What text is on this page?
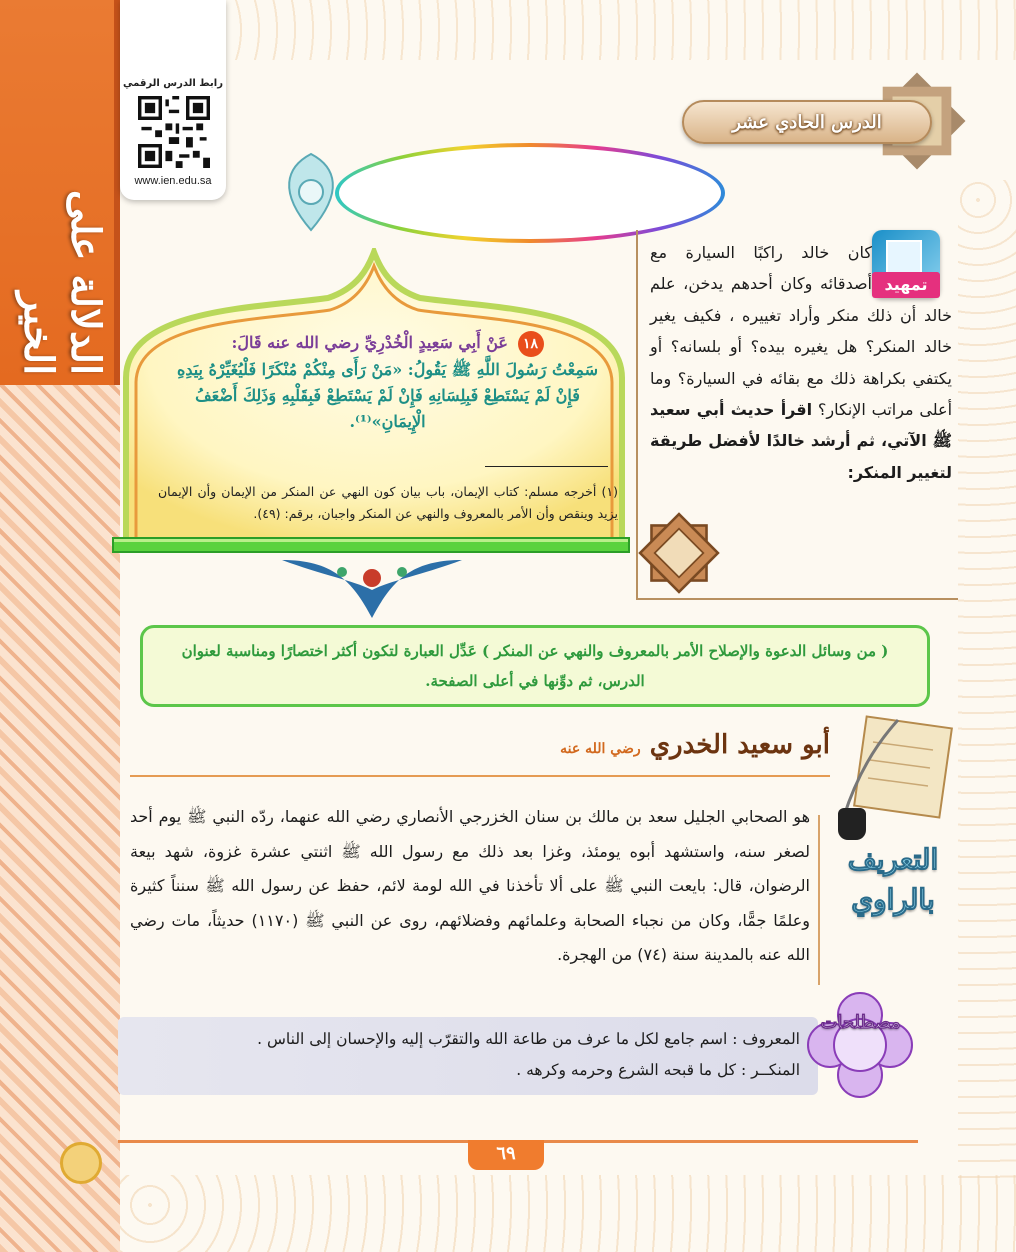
الدلالة على الخير
رابط الدرس الرقمي
www.ien.edu.sa
الدرس الحادي عشر
تمهيد
كان خالد راكبًا السيارة مع أصدقائه وكان أحدهم يدخن، علم خالد أن ذلك منكر وأراد تغييره ، فكيف يغير خالد المنكر؟ هل يغيره بيده؟ أو بلسانه؟ أو يكتفي بكراهة ذلك مع بقائه في السيارة؟ وما أعلى مراتب الإنكار؟ اقرأ حديث أبي سعيد ﷺ الآتي، ثم أرشد خالدًا لأفضل طريقة لتغيير المنكر:
١٨ عَنْ أَبِي سَعِيدٍ الْخُدْرِيِّ رضي الله عنه قَالَ:
سَمِعْتُ رَسُولَ اللَّهِ ﷺ يَقُولُ: «مَنْ رَأَى مِنْكُمْ مُنْكَرًا فَلْيُغَيِّرْهُ بِيَدِهِ فَإِنْ لَمْ يَسْتَطِعْ فَبِلِسَانِهِ فَإِنْ لَمْ يَسْتَطِعْ فَبِقَلْبِهِ وَذَلِكَ أَضْعَفُ الْإِيمَانِ»⁽¹⁾.
(١) أخرجه مسلم: كتاب الإيمان، باب بيان كون النهي عن المنكر من الإيمان وأن الإيمان يزيد وينقص وأن الأمر بالمعروف والنهي عن المنكر واجبان، برقم: (٤٩).
( من وسائل الدعوة والإصلاح الأمر بالمعروف والنهي عن المنكر ) عَدِّل العبارة لتكون أكثر اختصارًا ومناسبة لعنوان الدرس، ثم دوِّنها في أعلى الصفحة.
أبو سعيد الخدري رضي الله عنه
التعريف
بالراوي
هو الصحابي الجليل سعد بن مالك بن سنان الخزرجي الأنصاري رضي الله عنهما، ردّه النبي ﷺ يوم أحد لصغر سنه، واستشهد أبوه يومئذ، وغزا بعد ذلك مع رسول الله ﷺ اثنتي عشرة غزوة، شهد بيعة الرضوان، قال: بايعت النبي ﷺ على ألا تأخذنا في الله لومة لائم، حفظ عن رسول الله ﷺ سنناً كثيرة وعلمًا جمًّا، وكان من نجباء الصحابة وعلمائهم وفضلائهم، روى عن النبي ﷺ (١١٧٠) حديثاً، مات رضي الله عنه بالمدينة سنة (٧٤) من الهجرة.
مصطلحات
المعروف : اسم جامع لكل ما عرف من طاعة الله والتقرّب إليه والإحسان إلى الناس .
المنكــر : كل ما قبحه الشرع وحرمه وكرهه .
٦٩
